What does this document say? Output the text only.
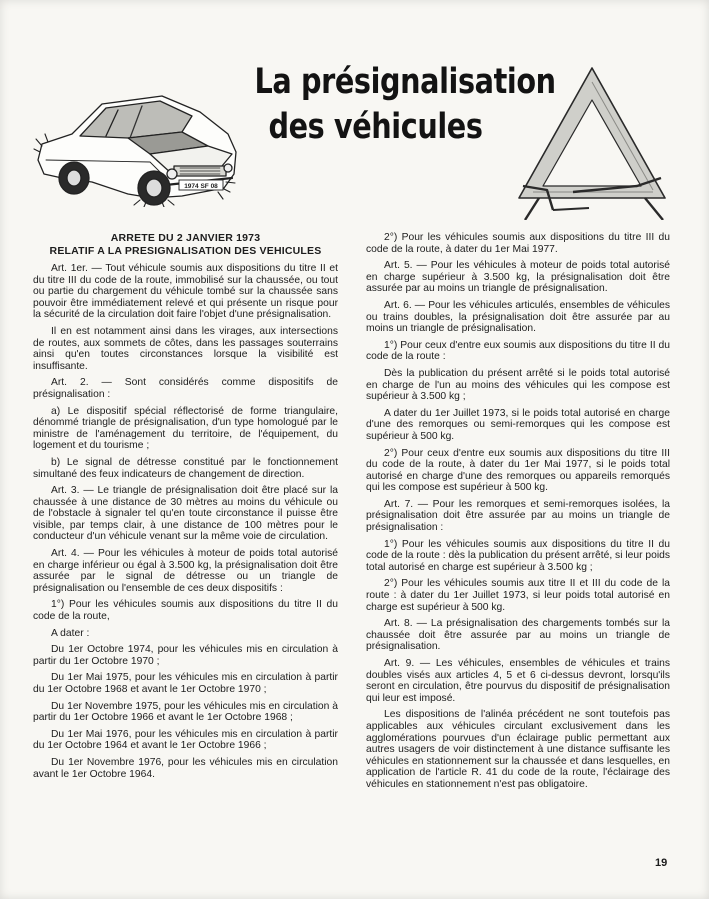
1974 SF 08
La présignalisation
des véhicules

ARRETE DU 2 JANVIER 1973
RELATIF A LA PRESIGNALISATION DES VEHICULES

Art. 1er. — Tout véhicule soumis aux dispositions du titre II et du titre III du code de la route, immobilisé sur la chaussée, ou tout ou partie du chargement du véhicule tombé sur la chaussée sans pouvoir être immédiatement relevé et qui présente un risque pour la sécurité de la circulation doit faire l'objet d'une présignalisation.

Il en est notamment ainsi dans les virages, aux intersections de routes, aux sommets de côtes, dans les passages souterrains ainsi qu'en toutes circonstances lorsque la visibilité est insuffisante.

Art. 2. — Sont considérés comme dispositifs de présignalisation :

a) Le dispositif spécial réflectorisé de forme triangulaire, dénommé triangle de présignalisation, d'un type homologué par le ministre de l'aménagement du territoire, de l'équipement, du logement et du tourisme ;

b) Le signal de détresse constitué par le fonctionnement simultané des feux indicateurs de changement de direction.

Art. 3. — Le triangle de présignalisation doit être placé sur la chaussée à une distance de 30 mètres au moins du véhicule ou de l'obstacle à signaler tel qu'en toute circonstance il puisse être visible, par temps clair, à une distance de 100 mètres pour le conducteur d'un véhicule venant sur la même voie de circulation.

Art. 4. — Pour les véhicules à moteur de poids total autorisé en charge inférieur ou égal à 3.500 kg, la présignalisation doit être assurée par le signal de détresse ou un triangle de présignalisation ou l'ensemble de ces deux dispositifs :

1°) Pour les véhicules soumis aux dispositions du titre II du code de la route,

A dater :

Du 1er Octobre 1974, pour les véhicules mis en circulation à partir du 1er Octobre 1970 ;

Du 1er Mai 1975, pour les véhicules mis en circulation à partir du 1er Octobre 1968 et avant le 1er Octobre 1970 ;

Du 1er Novembre 1975, pour les véhicules mis en circulation à partir du 1er Octobre 1966 et avant le 1er Octobre 1968 ;

Du 1er Mai 1976, pour les véhicules mis en circulation à partir du 1er Octobre 1964 et avant le 1er Octobre 1966 ;

Du 1er Novembre 1976, pour les véhicules mis en circulation avant le 1er Octobre 1964.

2°) Pour les véhicules soumis aux dispositions du titre III du code de la route, à dater du 1er Mai 1977.

Art. 5. — Pour les véhicules à moteur de poids total autorisé en charge supérieur à 3.500 kg, la présignalisation doit être assurée par au moins un triangle de présignalisation.

Art. 6. — Pour les véhicules articulés, ensembles de véhicules ou trains doubles, la présignalisation doit être assurée par au moins un triangle de présignalisation.

1°) Pour ceux d'entre eux soumis aux dispositions du titre II du code de la route :

Dès la publication du présent arrêté si le poids total autorisé en charge de l'un au moins des véhicules qui les compose est supérieur à 3.500 kg ;

A dater du 1er Juillet 1973, si le poids total autorisé en charge d'une des remorques ou semi-remorques qui les compose est supérieur à 500 kg.

2°) Pour ceux d'entre eux soumis aux dispositions du titre III du code de la route, à dater du 1er Mai 1977, si le poids total autorisé en charge d'une des remorques ou appareils remorqués qui les compose est supérieur à 500 kg.

Art. 7. — Pour les remorques et semi-remorques isolées, la présignalisation doit être assurée par au moins un triangle de présignalisation :

1°) Pour les véhicules soumis aux dispositions du titre II du code de la route : dès la publication du présent arrêté, si leur poids total autorisé en charge est supérieur à 3.500 kg ;

2°) Pour les véhicules soumis aux titre II et III du code de la route : à dater du 1er Juillet 1973, si leur poids total autorisé en charge est supérieur à 500 kg.

Art. 8. — La présignalisation des chargements tombés sur la chaussée doit être assurée par au moins un triangle de présignalisation.

Art. 9. — Les véhicules, ensembles de véhicules et trains doubles visés aux articles 4, 5 et 6 ci-dessus devront, lorsqu'ils seront en circulation, être pourvus du dispositif de présignalisation qui leur est imposé.

Les dispositions de l'alinéa précédent ne sont toutefois pas applicables aux véhicules circulant exclusivement dans les agglomérations pourvues d'un éclairage public permettant aux autres usagers de voir distinctement à une distance suffisante les véhicules en stationnement sur la chaussée et dans lesquelles, en application de l'article R. 41 du code de la route, l'éclairage des véhicules en stationnement n'est pas obligatoire.

19
